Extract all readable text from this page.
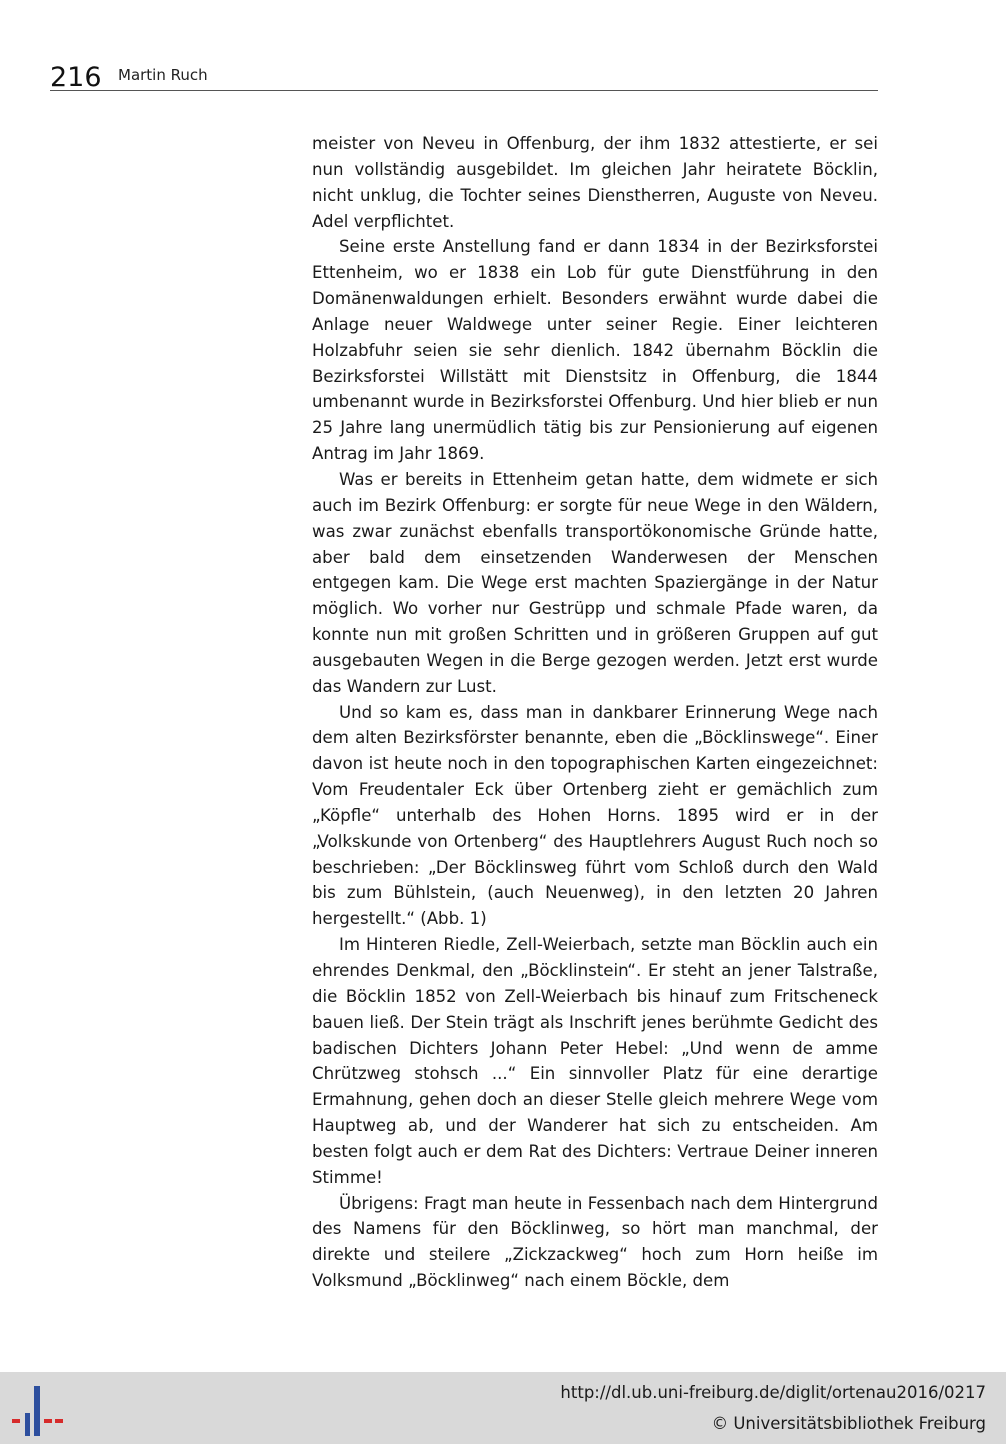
216 Martin Ruch

meister von Neveu in Offenburg, der ihm 1832 attestierte, er sei nun vollständig ausgebildet. Im gleichen Jahr heiratete Böcklin, nicht unklug, die Tochter seines Dienstherren, Auguste von Neveu. Adel verpflichtet.

Seine erste Anstellung fand er dann 1834 in der Bezirksforstei Ettenheim, wo er 1838 ein Lob für gute Dienstführung in den Domänenwaldungen erhielt. Besonders erwähnt wurde dabei die Anlage neuer Waldwege unter seiner Regie. Einer leichteren Holzabfuhr seien sie sehr dienlich. 1842 übernahm Böcklin die Bezirksforstei Willstätt mit Dienstsitz in Offenburg, die 1844 umbenannt wurde in Bezirksforstei Offenburg. Und hier blieb er nun 25 Jahre lang unermüdlich tätig bis zur Pensionierung auf eigenen Antrag im Jahr 1869.

Was er bereits in Ettenheim getan hatte, dem widmete er sich auch im Bezirk Offenburg: er sorgte für neue Wege in den Wäldern, was zwar zunächst ebenfalls transportökonomische Gründe hatte, aber bald dem einsetzenden Wanderwesen der Menschen entgegen kam. Die Wege erst machten Spaziergänge in der Natur möglich. Wo vorher nur Gestrüpp und schmale Pfade waren, da konnte nun mit großen Schritten und in größeren Gruppen auf gut ausgebauten Wegen in die Berge gezogen werden. Jetzt erst wurde das Wandern zur Lust.

Und so kam es, dass man in dankbarer Erinnerung Wege nach dem alten Bezirksförster benannte, eben die „Böcklinswege“. Einer davon ist heute noch in den topographischen Karten eingezeichnet: Vom Freudentaler Eck über Ortenberg zieht er gemächlich zum „Köpfle“ unterhalb des Hohen Horns. 1895 wird er in der „Volkskunde von Ortenberg“ des Hauptlehrers August Ruch noch so beschrieben: „Der Böcklinsweg führt vom Schloß durch den Wald bis zum Bühlstein, (auch Neuenweg), in den letzten 20 Jahren hergestellt.“ (Abb. 1)

Im Hinteren Riedle, Zell-Weierbach, setzte man Böcklin auch ein ehrendes Denkmal, den „Böcklinstein“. Er steht an jener Talstraße, die Böcklin 1852 von Zell-Weierbach bis hinauf zum Fritscheneck bauen ließ. Der Stein trägt als Inschrift jenes berühmte Gedicht des badischen Dichters Johann Peter Hebel: „Und wenn de amme Chrützweg stohsch ...“ Ein sinnvoller Platz für eine derartige Ermahnung, gehen doch an dieser Stelle gleich mehrere Wege vom Hauptweg ab, und der Wanderer hat sich zu entscheiden. Am besten folgt auch er dem Rat des Dichters: Vertraue Deiner inneren Stimme!

Übrigens: Fragt man heute in Fessenbach nach dem Hintergrund des Namens für den Böcklinweg, so hört man manchmal, der direkte und steilere „Zickzackweg“ hoch zum Horn heiße im Volksmund „Böcklinweg“ nach einem Böckle, dem

http://dl.ub.uni-freiburg.de/diglit/ortenau2016/0217
© Universitätsbibliothek Freiburg
